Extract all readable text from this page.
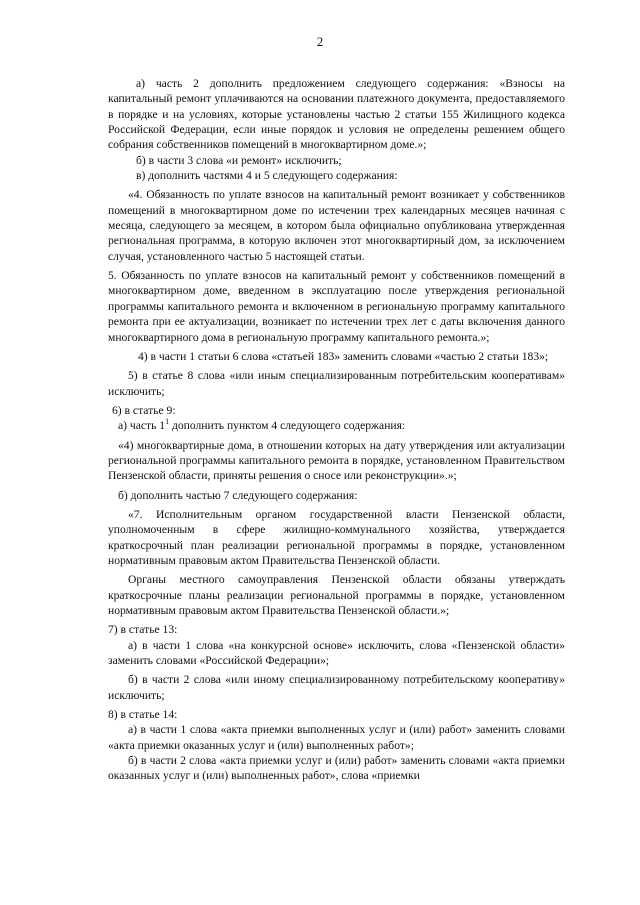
2

а) часть 2 дополнить предложением следующего содержания: «Взносы на капитальный ремонт уплачиваются на основании платежного документа, предоставляемого в порядке и на условиях, которые установлены частью 2 статьи 155 Жилищного кодекса Российской Федерации, если иные порядок и условия не определены решением общего собрания собственников помещений в многоквартирном доме.»;

б) в части 3 слова «и ремонт» исключить;

в) дополнить частями 4 и 5 следующего содержания:

«4. Обязанность по уплате взносов на капитальный ремонт возникает у собственников помещений в многоквартирном доме по истечении трех календарных месяцев начиная с месяца, следующего за месяцем, в котором была официально опубликована утвержденная региональная программа, в которую включен этот многоквартирный дом, за исключением случая, установленного частью 5 настоящей статьи.

5. Обязанность по уплате взносов на капитальный ремонт у собственников помещений в многоквартирном доме, введенном в эксплуатацию после утверждения региональной программы капитального ремонта и включенном в региональную программу капитального ремонта при ее актуализации, возникает по истечении трех лет с даты включения данного многоквартирного дома в региональную программу капитального ремонта.»;

4) в части 1 статьи 6 слова «статьей 183» заменить словами «частью 2 статьи 183»;

5) в статье 8 слова «или иным специализированным потребительским кооперативам» исключить;

6) в статье 9:

а) часть $1^1$ дополнить пунктом 4 следующего содержания:

«4) многоквартирные дома, в отношении которых на дату утверждения или актуализации региональной программы капитального ремонта в порядке, установленном Правительством Пензенской области, приняты решения о сносе или реконструкции».»;

б) дополнить частью 7 следующего содержания:

«7. Исполнительным органом государственной власти Пензенской области, уполномоченным в сфере жилищно-коммунального хозяйства, утверждается краткосрочный план реализации региональной программы в порядке, установленном нормативным правовым актом Правительства Пензенской области.

Органы местного самоуправления Пензенской области обязаны утверждать краткосрочные планы реализации региональной программы в порядке, установленном нормативным правовым актом Правительства Пензенской области.»;

7) в статье 13:

а) в части 1 слова «на конкурсной основе» исключить, слова «Пензенской области» заменить словами «Российской Федерации»;

б) в части 2 слова «или иному специализированному потребительскому кооперативу» исключить;

8) в статье 14:

а) в части 1 слова «акта приемки выполненных услуг и (или) работ» заменить словами «акта приемки оказанных услуг и (или) выполненных работ»;

б) в части 2 слова «акта приемки услуг и (или) работ» заменить словами «акта приемки оказанных услуг и (или) выполненных работ», слова «приемки
